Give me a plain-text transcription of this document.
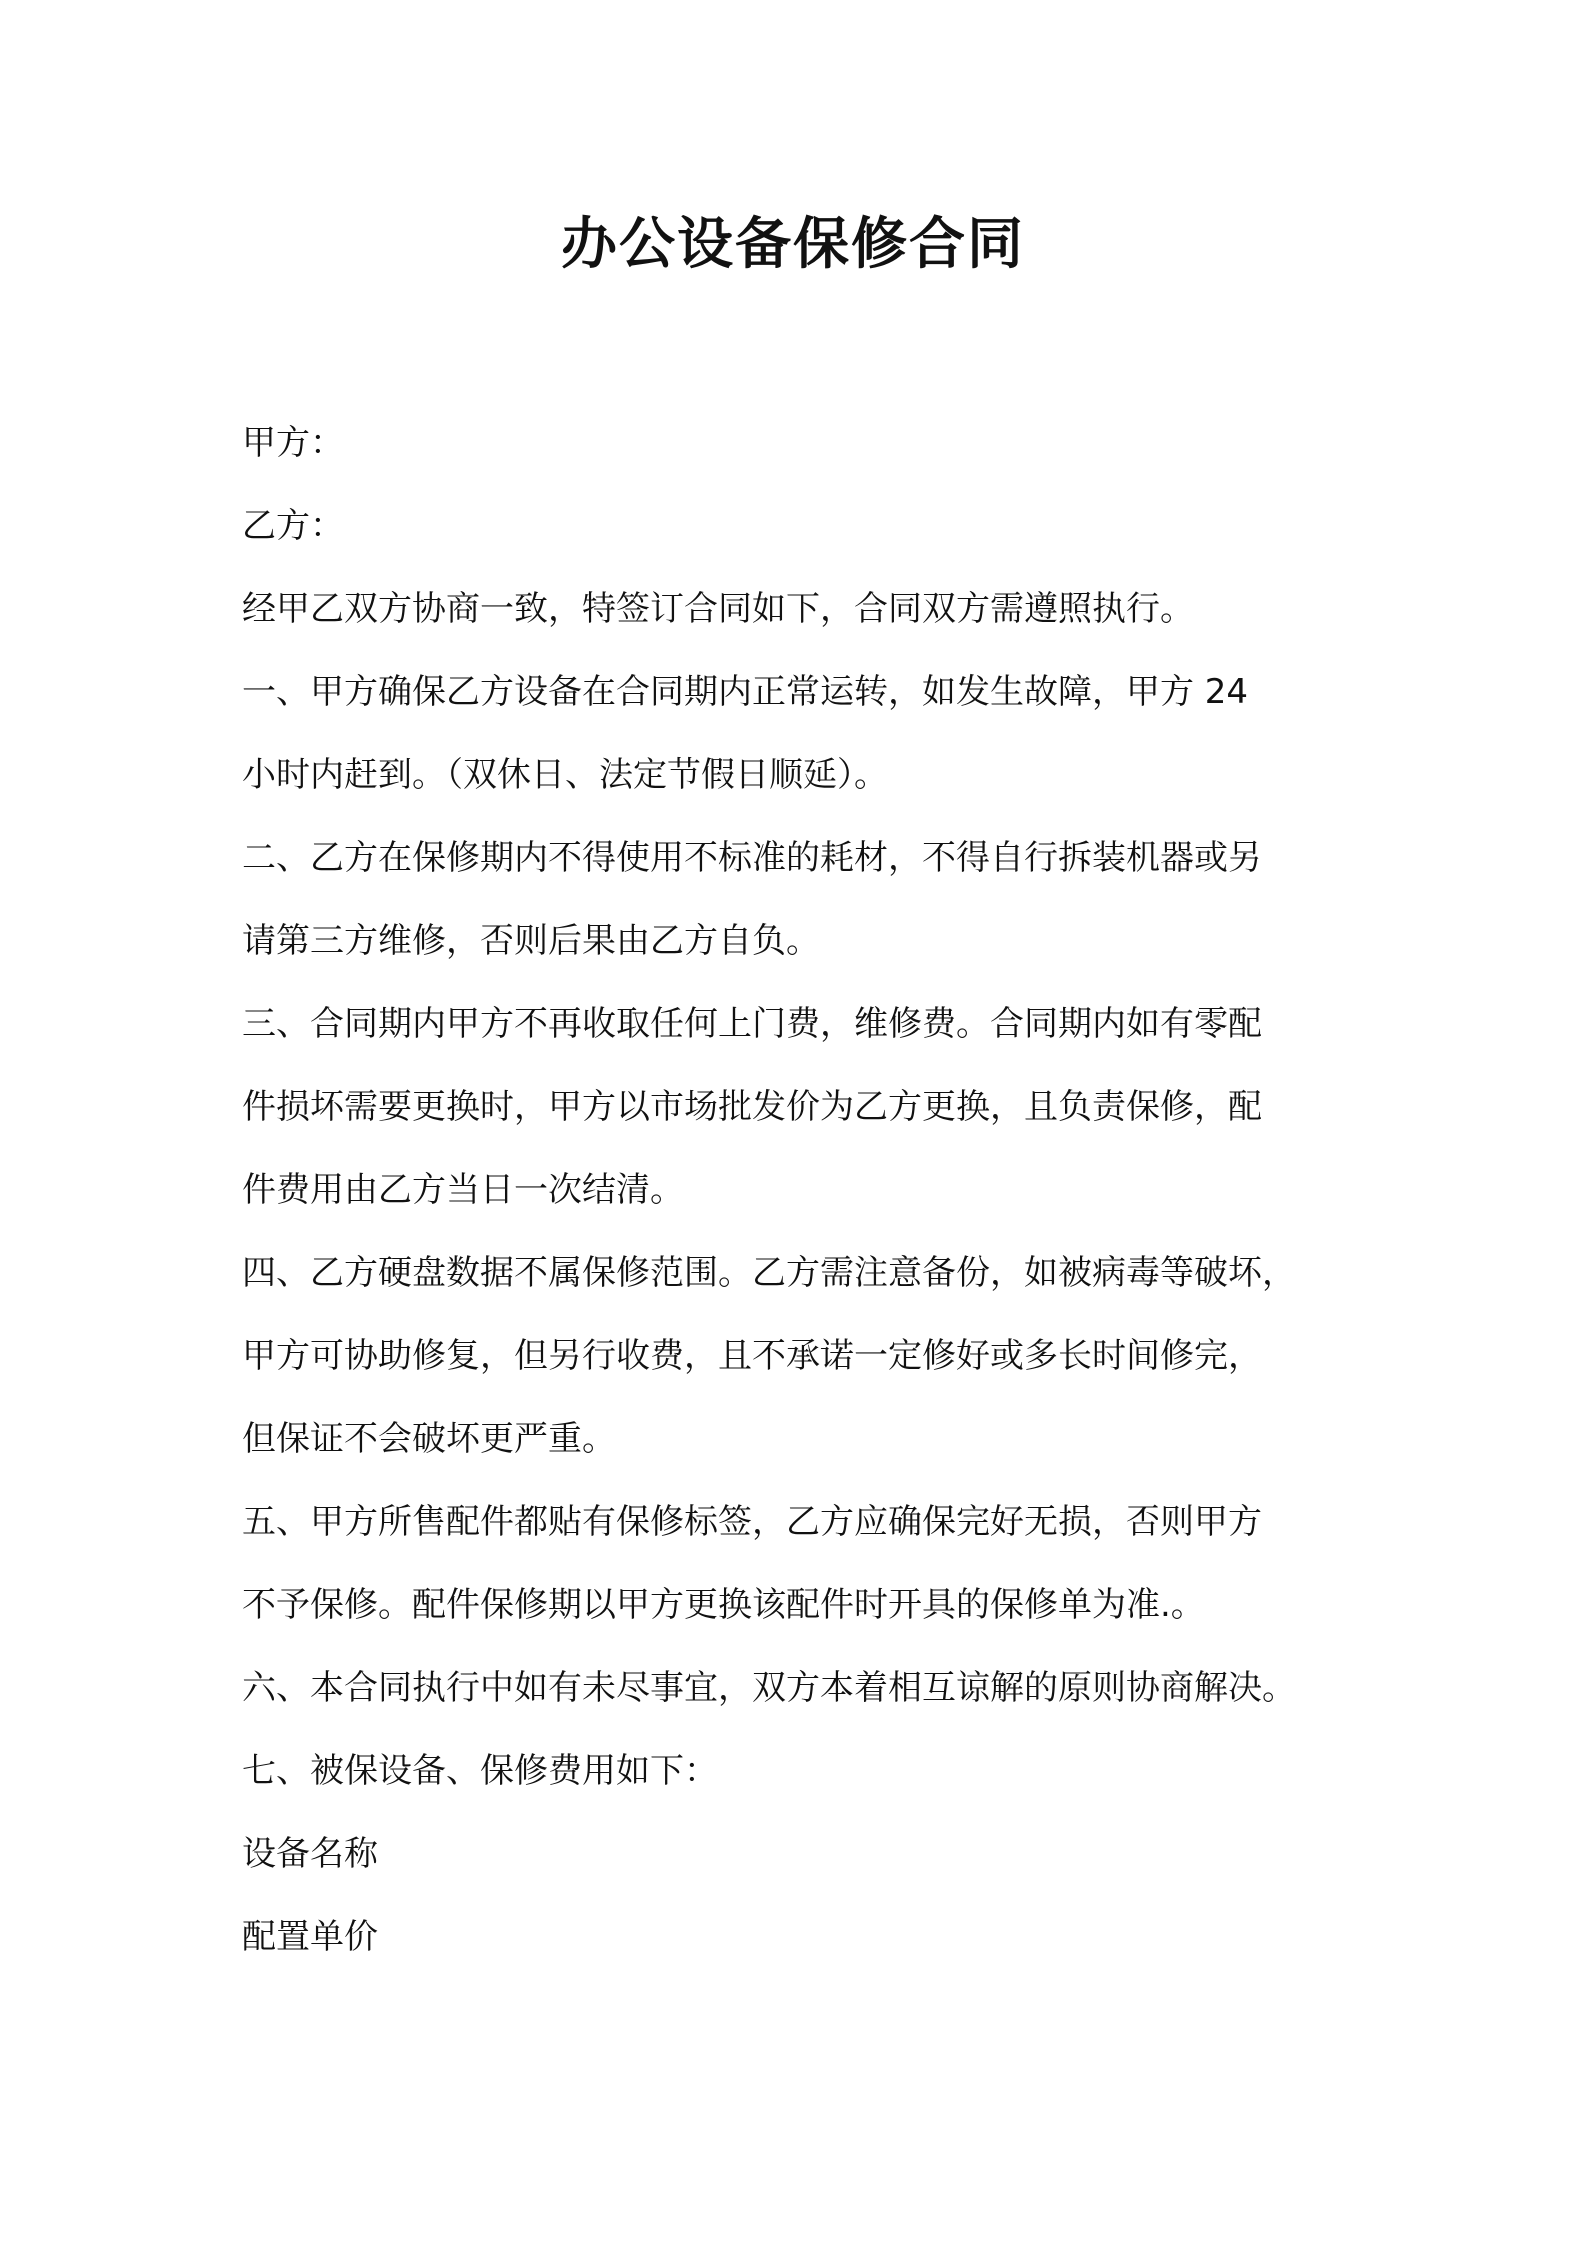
办公设备保修合同

甲方：

乙方：

经甲乙双方协商一致，特签订合同如下，合同双方需遵照执行。

一、甲方确保乙方设备在合同期内正常运转，如发生故障，甲方 24

小时内赶到。（双休日、法定节假日顺延）。

二、乙方在保修期内不得使用不标准的耗材，不得自行拆装机器或另

请第三方维修，否则后果由乙方自负。

三、合同期内甲方不再收取任何上门费，维修费。合同期内如有零配

件损坏需要更换时，甲方以市场批发价为乙方更换，且负责保修，配

件费用由乙方当日一次结清。

四、乙方硬盘数据不属保修范围。乙方需注意备份，如被病毒等破坏，

甲方可协助修复，但另行收费，且不承诺一定修好或多长时间修完，

但保证不会破坏更严重。

五、甲方所售配件都贴有保修标签，乙方应确保完好无损，否则甲方

不予保修。配件保修期以甲方更换该配件时开具的保修单为准.。

六、本合同执行中如有未尽事宜，双方本着相互谅解的原则协商解决。

七、被保设备、保修费用如下：

设备名称

配置单价
